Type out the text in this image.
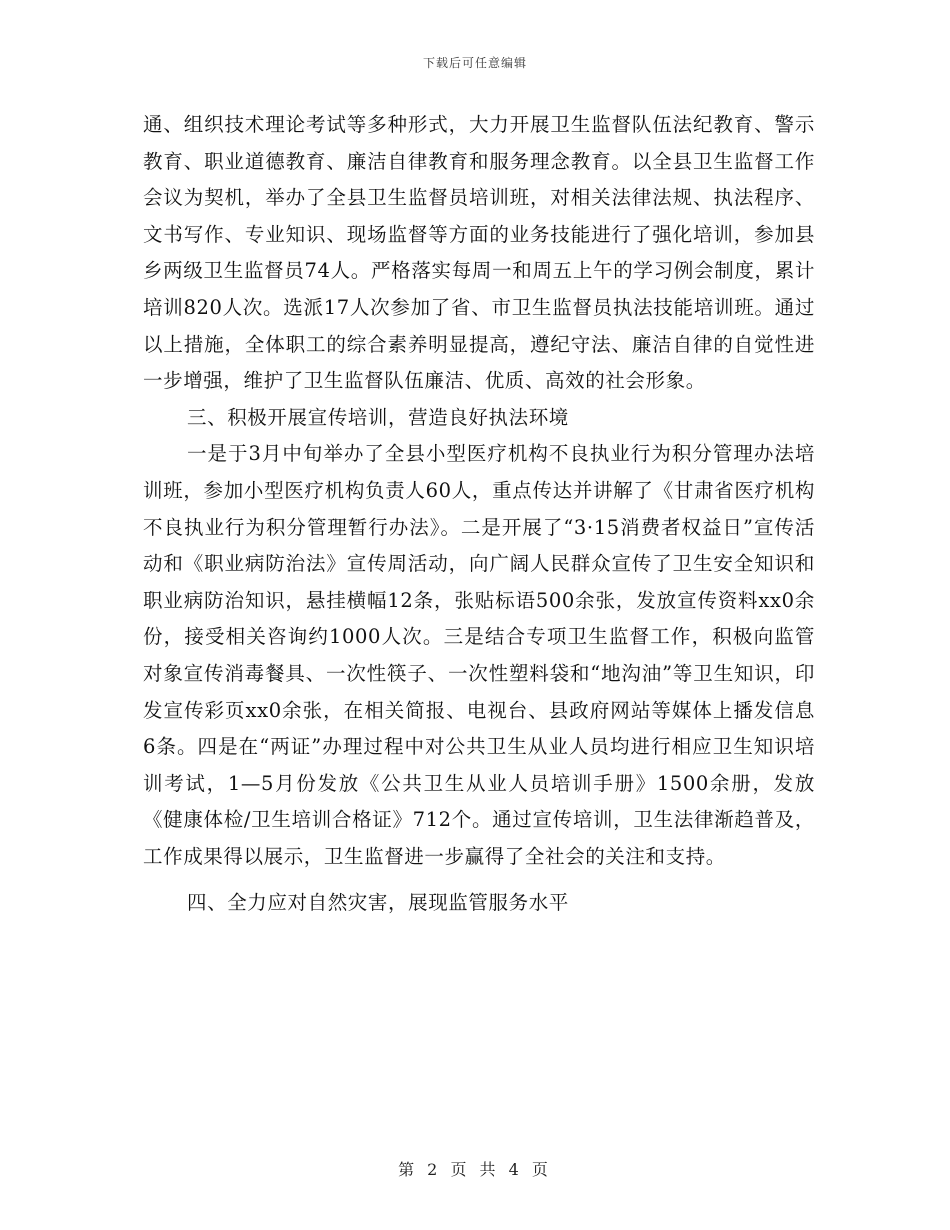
下载后可任意编辑

通、组织技术理论考试等多种形式，大力开展卫生监督队伍法纪教育、警示教育、职业道德教育、廉洁自律教育和服务理念教育。以全县卫生监督工作会议为契机，举办了全县卫生监督员培训班，对相关法律法规、执法程序、文书写作、专业知识、现场监督等方面的业务技能进行了强化培训，参加县乡两级卫生监督员74人。严格落实每周一和周五上午的学习例会制度，累计培训820人次。选派17人次参加了省、市卫生监督员执法技能培训班。通过以上措施，全体职工的综合素养明显提高，遵纪守法、廉洁自律的自觉性进一步增强，维护了卫生监督队伍廉洁、优质、高效的社会形象。

三、积极开展宣传培训，营造良好执法环境

一是于3月中旬举办了全县小型医疗机构不良执业行为积分管理办法培训班，参加小型医疗机构负责人60人，重点传达并讲解了《甘肃省医疗机构不良执业行为积分管理暂行办法》。二是开展了“3·15消费者权益日”宣传活动和《职业病防治法》宣传周活动，向广阔人民群众宣传了卫生安全知识和职业病防治知识，悬挂横幅12条，张贴标语500余张，发放宣传资料xx0余份，接受相关咨询约1000人次。三是结合专项卫生监督工作，积极向监管对象宣传消毒餐具、一次性筷子、一次性塑料袋和“地沟油”等卫生知识，印发宣传彩页xx0余张，在相关简报、电视台、县政府网站等媒体上播发信息6条。四是在“两证”办理过程中对公共卫生从业人员均进行相应卫生知识培训考试，1—5月份发放《公共卫生从业人员培训手册》1500余册，发放《健康体检/卫生培训合格证》712个。通过宣传培训，卫生法律渐趋普及，工作成果得以展示，卫生监督进一步赢得了全社会的关注和支持。

四、全力应对自然灾害，展现监管服务水平

第 2 页 共 4 页
